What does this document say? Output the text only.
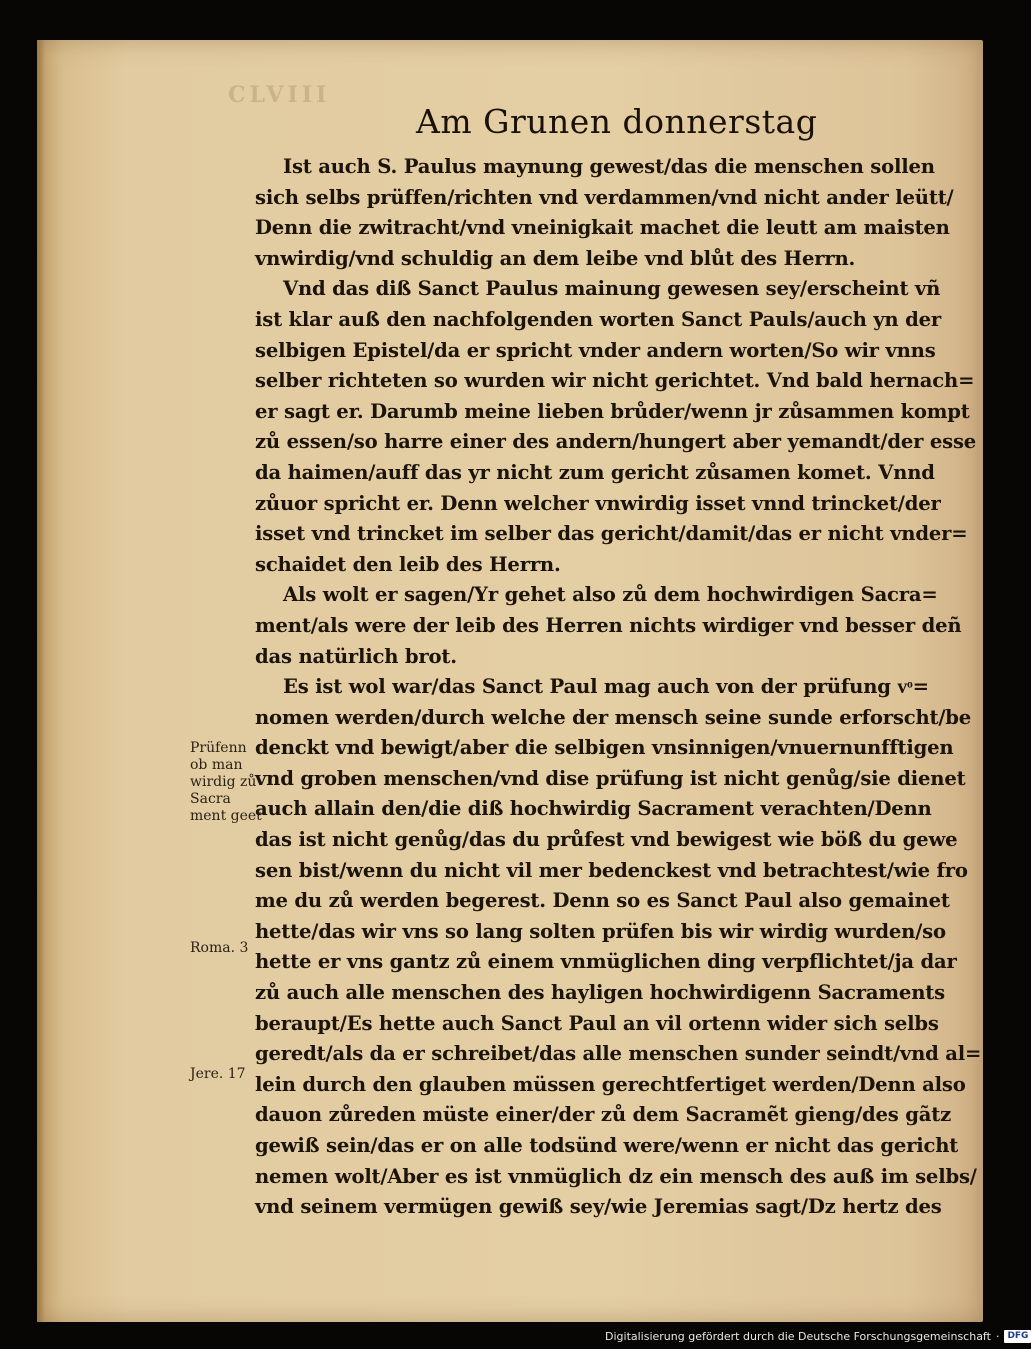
CLVIII
Am Grunen donnerstag
Ist auch S. Paulus maynung gewest/das die menschen sollen
sich selbs prüffen/richten vnd verdammen/vnd nicht ander leütt/
Denn die zwitracht/vnd vneinigkait machet die leutt am maisten
vnwirdig/vnd schuldig an dem leibe vnd blůt des Herrn.
Vnd das diß Sanct Paulus mainung gewesen sey/erscheint vñ
ist klar auß den nachfolgenden worten Sanct Pauls/auch yn der
selbigen Epistel/da er spricht vnder andern worten/So wir vnns
selber richteten so wurden wir nicht gerichtet. Vnd bald hernach=
er sagt er. Darumb meine lieben brůder/wenn jr zůsammen kompt
zů essen/so harre einer des andern/hungert aber yemandt/der esse
da haimen/auff das yr nicht zum gericht zůsamen komet. Vnnd
zůuor spricht er. Denn welcher vnwirdig isset vnnd trincket/der
isset vnd trincket im selber das gericht/damit/das er nicht vnder=
schaidet den leib des Herrn.
Als wolt er sagen/Yr gehet also zů dem hochwirdigen Sacra=
ment/als were der leib des Herren nichts wirdiger vnd besser deñ
das natürlich brot.
Es ist wol war/das Sanct Paul mag auch von der prüfung vͦ=
nomen werden/durch welche der mensch seine sunde erforscht/be
denckt vnd bewigt/aber die selbigen vnsinnigen/vnuernunfftigen
vnd groben menschen/vnd dise prüfung ist nicht genůg/sie dienet
auch allain den/die diß hochwirdig Sacrament verachten/Denn
das ist nicht genůg/das du průfest vnd bewigest wie böß du gewe
sen bist/wenn du nicht vil mer bedenckest vnd betrachtest/wie fro
me du zů werden begerest. Denn so es Sanct Paul also gemainet
hette/das wir vns so lang solten prüfen bis wir wirdig wurden/so
hette er vns gantz zů einem vnmüglichen ding verpflichtet/ja dar
zů auch alle menschen des hayligen hochwirdigenn Sacraments
beraupt/Es hette auch Sanct Paul an vil ortenn wider sich selbs
geredt/als da er schreibet/das alle menschen sunder seindt/vnd al=
lein durch den glauben müssen gerechtfertiget werden/Denn also
dauon zůreden müste einer/der zů dem Sacramẽt gieng/des gãtz
gewiß sein/das er on alle todsünd were/wenn er nicht das gericht
nemen wolt/Aber es ist vnmüglich dz ein mensch des auß im selbs/
vnd seinem vermügen gewiß sey/wie Jeremias sagt/Dz hertz des
Prüfenn ob man wirdig zů Sacra ment geet
Roma. 3
Jere. 17
Digitalisierung gefördert durch die Deutsche Forschungsgemeinschaft · DFG
